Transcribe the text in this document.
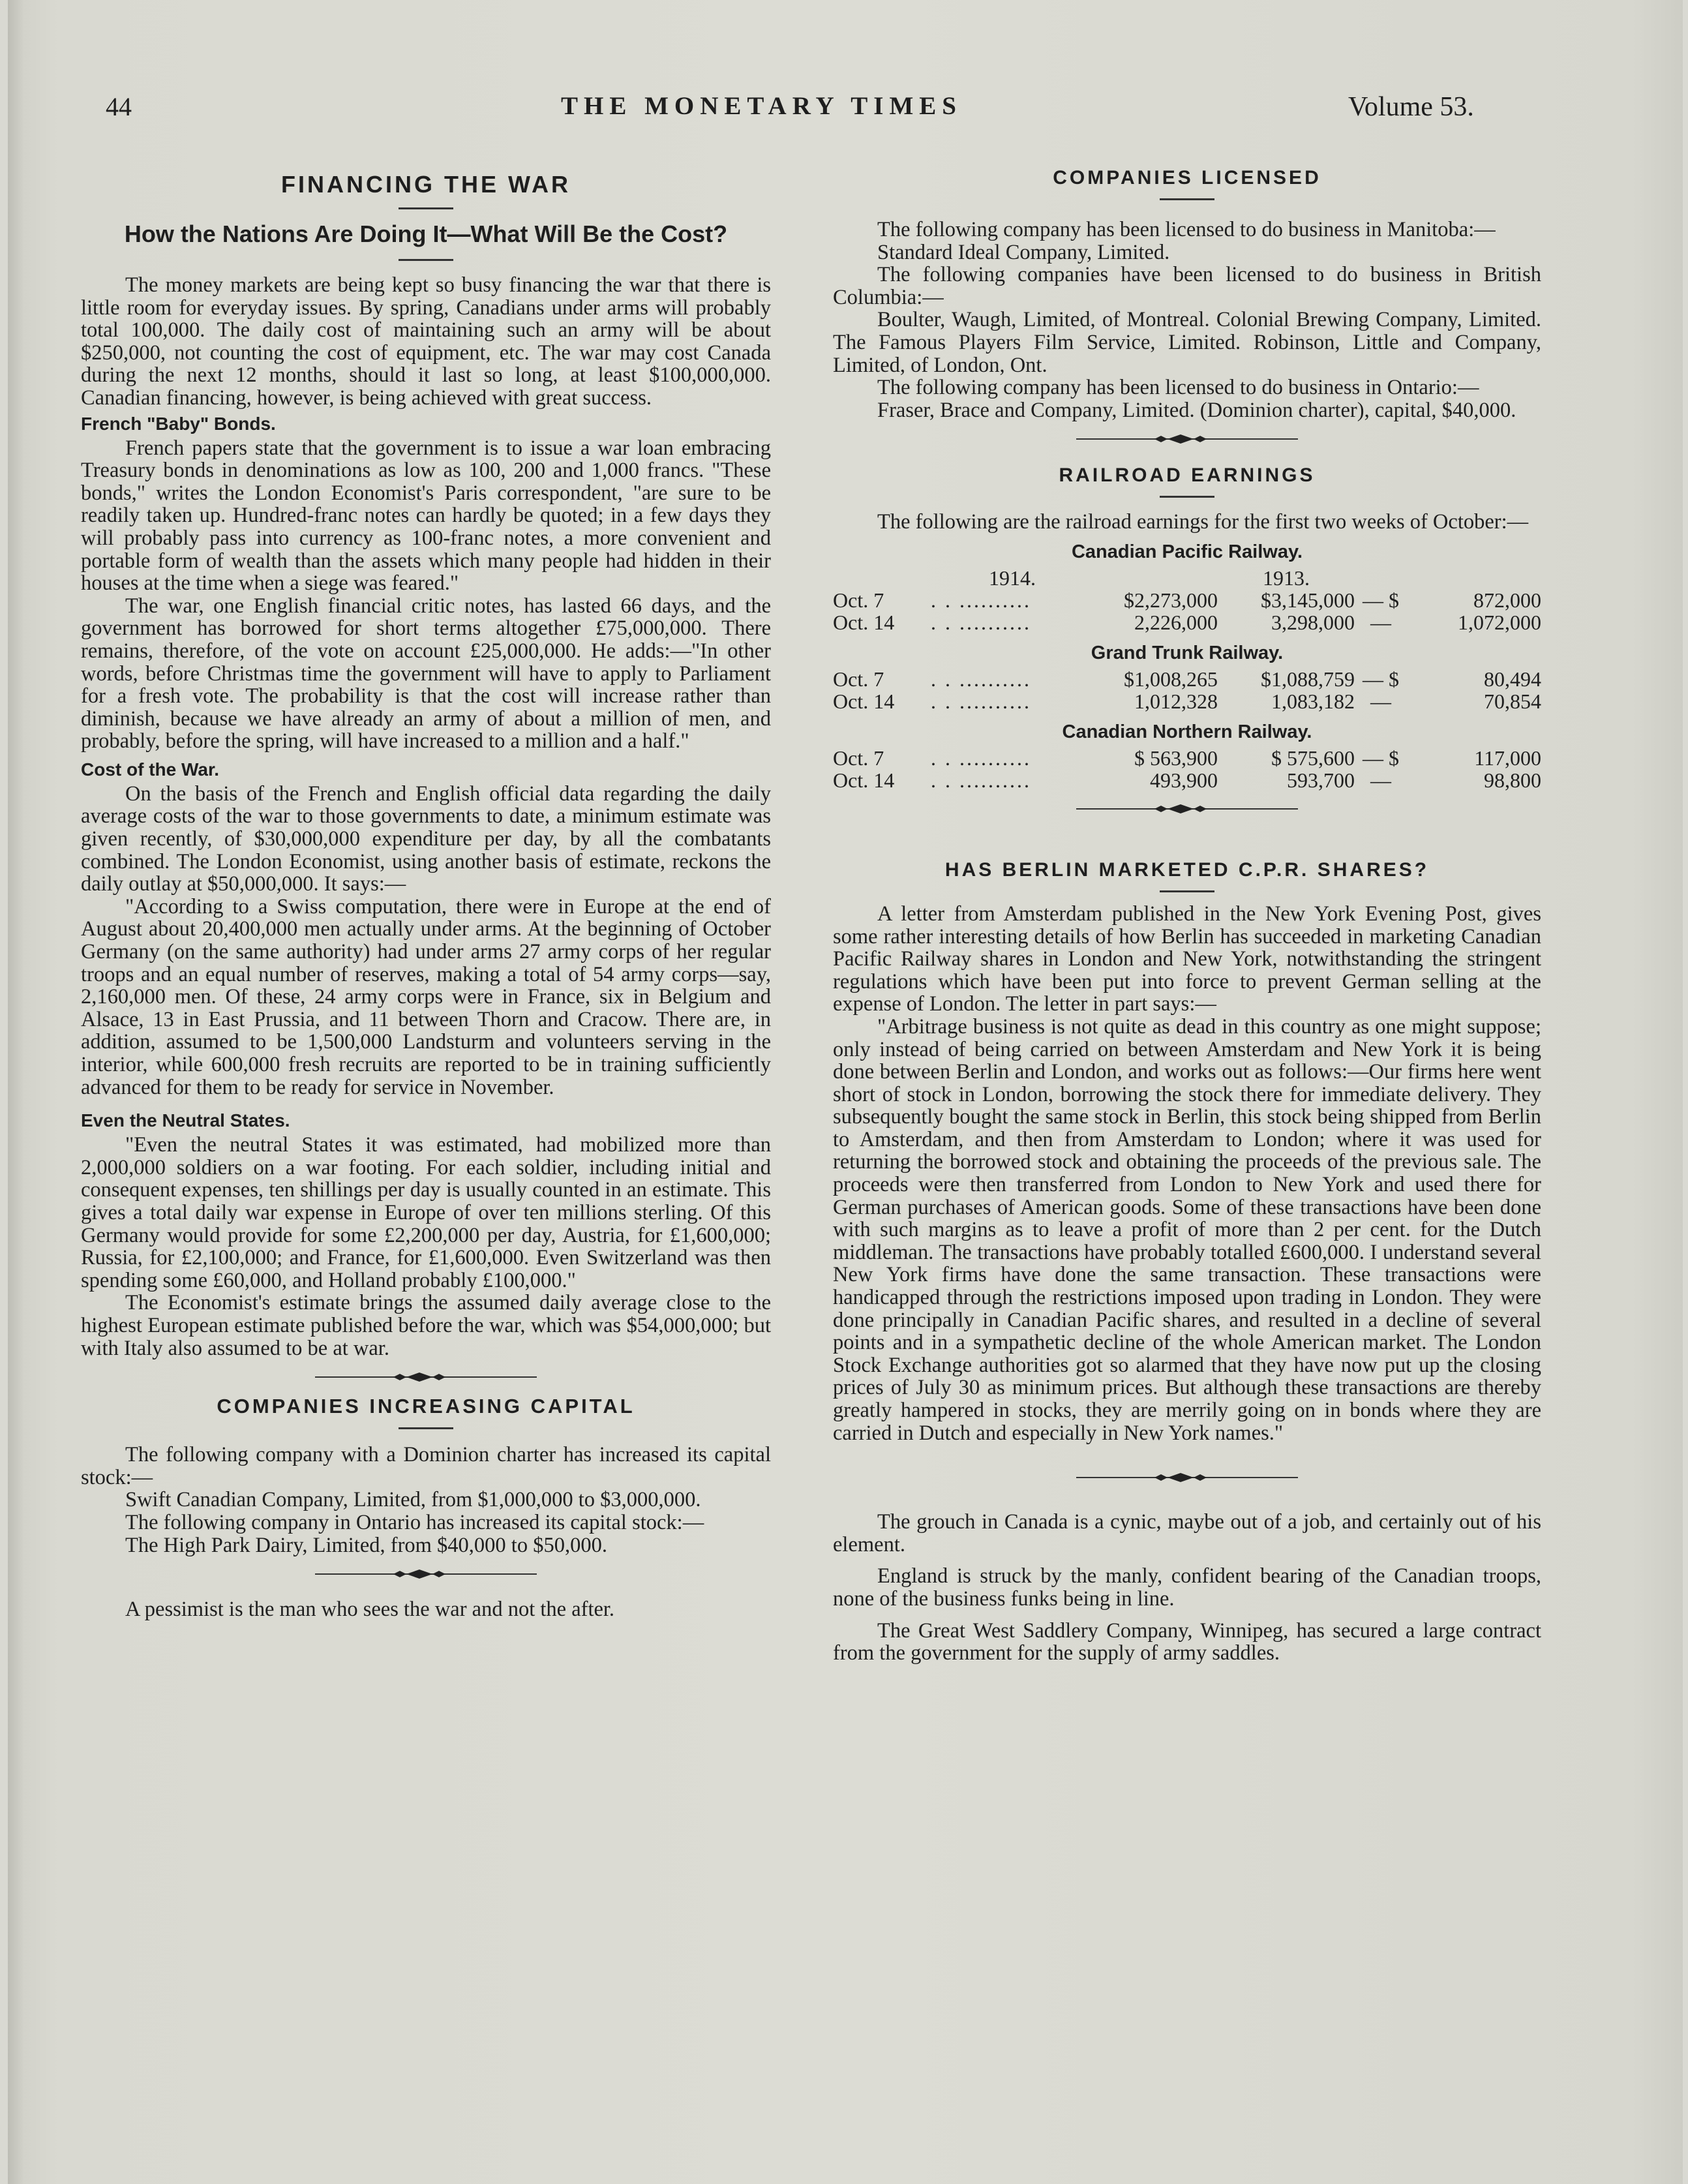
44	THE MONETARY TIMES	Volume 53.
FINANCING THE WAR
How the Nations Are Doing It—What Will Be the Cost?

The money markets are being kept so busy financing the war that there is little room for everyday issues. By spring, Canadians under arms will probably total 100,000. The daily cost of maintaining such an army will be about $250,000, not counting the cost of equipment, etc. The war may cost Canada during the next 12 months, should it last so long, at least $100,000,000. Canadian financing, however, is being achieved with great success.

French "Baby" Bonds.

French papers state that the government is to issue a war loan embracing Treasury bonds in denominations as low as 100, 200 and 1,000 francs. "These bonds," writes the London Economist's Paris correspondent, "are sure to be readily taken up. Hundred-franc notes can hardly be quoted; in a few days they will probably pass into currency as 100-franc notes, a more convenient and portable form of wealth than the assets which many people had hidden in their houses at the time when a siege was feared."

The war, one English financial critic notes, has lasted 66 days, and the government has borrowed for short terms altogether £75,000,000. There remains, therefore, of the vote on account £25,000,000. He adds:—"In other words, before Christmas time the government will have to apply to Parliament for a fresh vote. The probability is that the cost will increase rather than diminish, because we have already an army of about a million of men, and probably, before the spring, will have increased to a million and a half."

Cost of the War.

On the basis of the French and English official data regarding the daily average costs of the war to those governments to date, a minimum estimate was given recently, of $30,000,000 expenditure per day, by all the combatants combined. The London Economist, using another basis of estimate, reckons the daily outlay at $50,000,000. It says:—

"According to a Swiss computation, there were in Europe at the end of August about 20,400,000 men actually under arms. At the beginning of October Germany (on the same authority) had under arms 27 army corps of her regular troops and an equal number of reserves, making a total of 54 army corps—say, 2,160,000 men. Of these, 24 army corps were in France, six in Belgium and Alsace, 13 in East Prussia, and 11 between Thorn and Cracow. There are, in addition, assumed to be 1,500,000 Landsturm and volunteers serving in the interior, while 600,000 fresh recruits are reported to be in training sufficiently advanced for them to be ready for service in November.

Even the Neutral States.

"Even the neutral States it was estimated, had mobilized more than 2,000,000 soldiers on a war footing. For each soldier, including initial and consequent expenses, ten shillings per day is usually counted in an estimate. This gives a total daily war expense in Europe of over ten millions sterling. Of this Germany would provide for some £2,200,000 per day, Austria, for £1,600,000; Russia, for £2,100,000; and France, for £1,600,000. Even Switzerland was then spending some £60,000, and Holland probably £100,000."

The Economist's estimate brings the assumed daily average close to the highest European estimate published before the war, which was $54,000,000; but with Italy also assumed to be at war.

COMPANIES INCREASING CAPITAL

The following company with a Dominion charter has increased its capital stock:—

Swift Canadian Company, Limited, from $1,000,000 to $3,000,000.

The following company in Ontario has increased its capital stock:—

The High Park Dairy, Limited, from $40,000 to $50,000.

A pessimist is the man who sees the war and not the after.

COMPANIES LICENSED

The following company has been licensed to do business in Manitoba:—

Standard Ideal Company, Limited.

The following companies have been licensed to do business in British Columbia:—

Boulter, Waugh, Limited, of Montreal. Colonial Brewing Company, Limited. The Famous Players Film Service, Limited. Robinson, Little and Company, Limited, of London, Ont.

The following company has been licensed to do business in Ontario:—

Fraser, Brace and Company, Limited. (Dominion charter), capital, $40,000.

RAILROAD EARNINGS

The following are the railroad earnings for the first two weeks of October:—

Canadian Pacific Railway.
	1914.		1913.		
Oct. 7	. . ..........	$2,273,000	$3,145,000	— $	872,000
Oct. 14	. . ..........	2,226,000	3,298,000	—	1,072,000
Grand Trunk Railway.
Oct. 7	. . ..........	$1,008,265	$1,088,759	— $	80,494
Oct. 14	. . ..........	1,012,328	1,083,182	—	70,854
Canadian Northern Railway.
Oct. 7	. . ..........	$ 563,900	$ 575,600	— $	117,000
Oct. 14	. . ..........	493,900	593,700	—	98,800
HAS BERLIN MARKETED C.P.R. SHARES?

A letter from Amsterdam published in the New York Evening Post, gives some rather interesting details of how Berlin has succeeded in marketing Canadian Pacific Railway shares in London and New York, notwithstanding the stringent regulations which have been put into force to prevent German selling at the expense of London. The letter in part says:—

"Arbitrage business is not quite as dead in this country as one might suppose; only instead of being carried on between Amsterdam and New York it is being done between Berlin and London, and works out as follows:—Our firms here went short of stock in London, borrowing the stock there for immediate delivery. They subsequently bought the same stock in Berlin, this stock being shipped from Berlin to Amsterdam, and then from Amsterdam to London; where it was used for returning the borrowed stock and obtaining the proceeds of the previous sale. The proceeds were then transferred from London to New York and used there for German purchases of American goods. Some of these transactions have been done with such margins as to leave a profit of more than 2 per cent. for the Dutch middleman. The transactions have probably totalled £600,000. I understand several New York firms have done the same transaction. These transactions were handicapped through the restrictions imposed upon trading in London. They were done principally in Canadian Pacific shares, and resulted in a decline of several points and in a sympathetic decline of the whole American market. The London Stock Exchange authorities got so alarmed that they have now put up the closing prices of July 30 as minimum prices. But although these transactions are thereby greatly hampered in stocks, they are merrily going on in bonds where they are carried in Dutch and especially in New York names."

The grouch in Canada is a cynic, maybe out of a job, and certainly out of his element.

England is struck by the manly, confident bearing of the Canadian troops, none of the business funks being in line.

The Great West Saddlery Company, Winnipeg, has secured a large contract from the government for the supply of army saddles.
